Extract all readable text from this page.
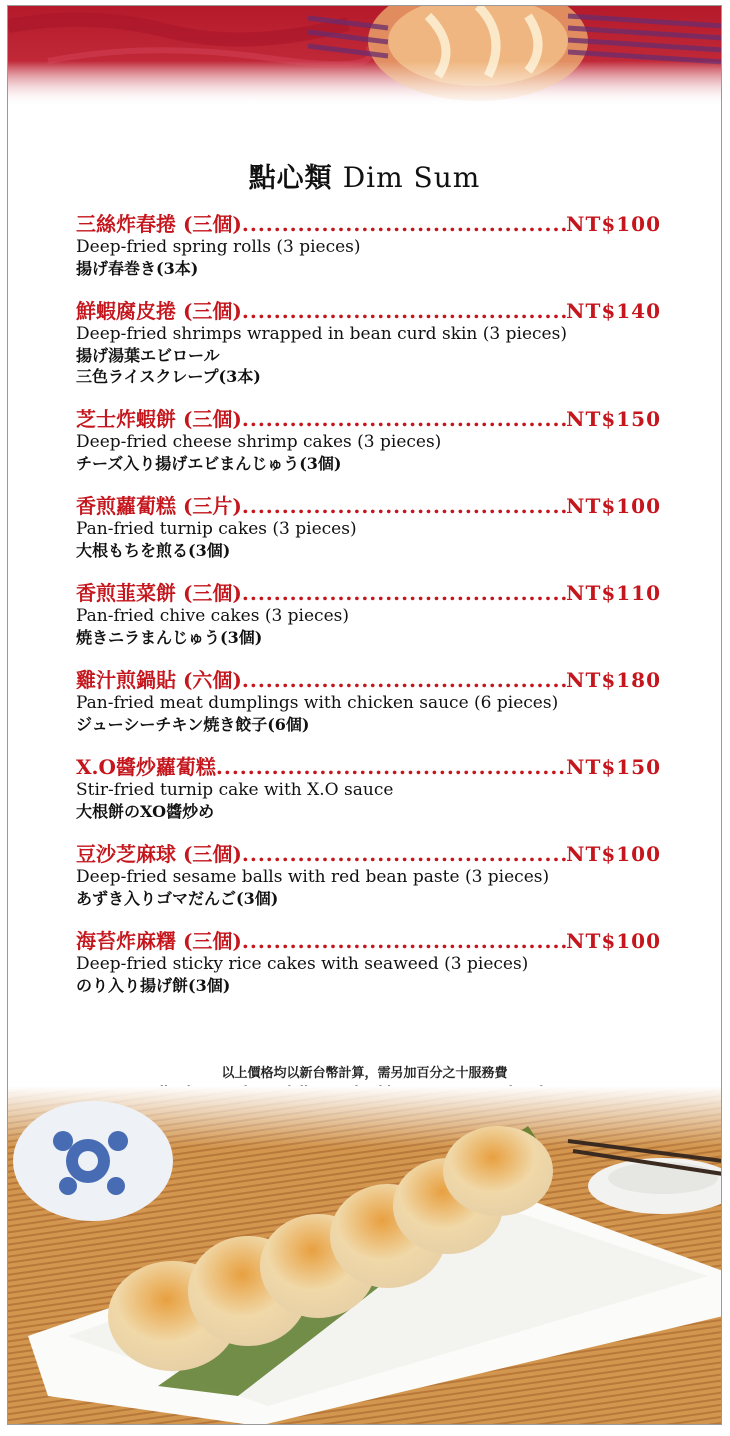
點心類 Dim Sum
三絲炸春捲 (三個) .....	NT$100
Deep-fried spring rolls (3 pieces)
揚げ春巻き(3本)
鮮蝦腐皮捲 (三個) .....	NT$140
Deep-fried shrimps wrapped in bean curd skin (3 pieces)
揚げ湯葉エビロール
三色ライスクレープ(3本)
芝士炸蝦餅 (三個) .....	NT$150
Deep-fried cheese shrimp cakes (3 pieces)
チーズ入り揚げエビまんじゅう(3個)
香煎蘿蔔糕 (三片) .....	NT$100
Pan-fried turnip cakes (3 pieces)
大根もちを煎る(3個)
香煎韮菜餅 (三個) .....	NT$110
Pan-fried chive cakes (3 pieces)
焼きニラまんじゅう(3個)
雞汁煎鍋貼 (六個) .....	NT$180
Pan-fried meat dumplings with chicken sauce (6 pieces)
ジューシーチキン焼き餃子(6個)
X.O醬炒蘿蔔糕 .....	NT$150
Stir-fried turnip cake with X.O sauce
大根餅のXO醬炒め
豆沙芝麻球 (三個) .....	NT$100
Deep-fried sesame balls with red bean paste (3 pieces)
あずき入りゴマだんご(3個)
海苔炸麻糬 (三個) .....	NT$100
Deep-fried sticky rice cakes with seaweed (3 pieces)
のり入り揚げ餅(3個)
以上價格均以新台幣計算，需另加百分之十服務費
